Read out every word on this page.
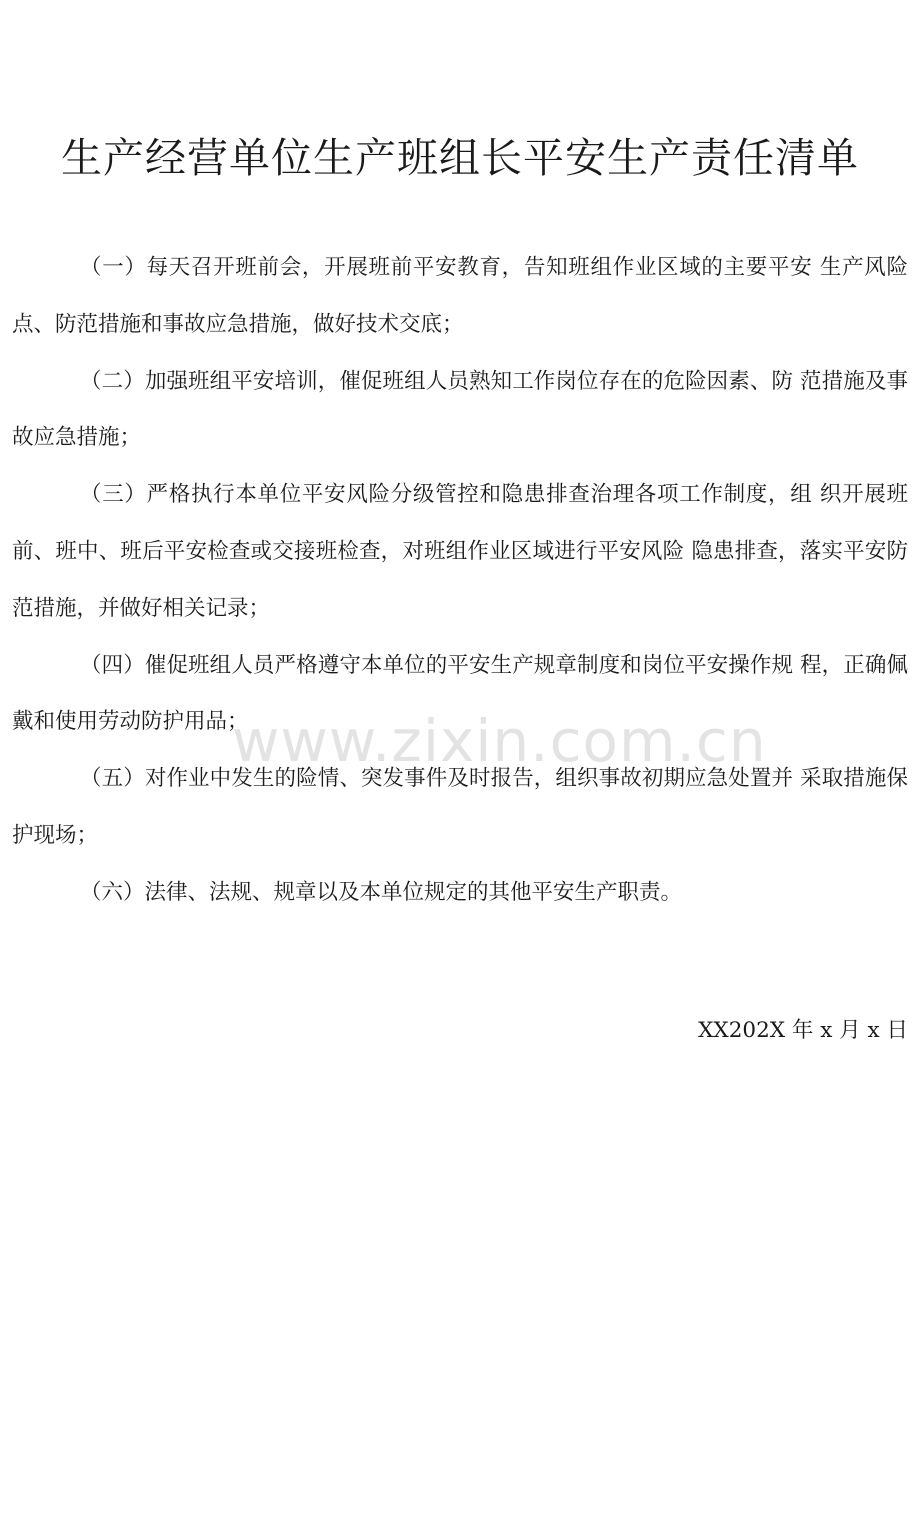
生产经营单位生产班组长平安生产责任清单

（一）每天召开班前会，开展班前平安教育，告知班组作业区域的主要平安 生产风险点、防范措施和事故应急措施，做好技术交底；

（二）加强班组平安培训，催促班组人员熟知工作岗位存在的危险因素、防 范措施及事故应急措施；

（三）严格执行本单位平安风险分级管控和隐患排查治理各项工作制度，组 织开展班前、班中、班后平安检查或交接班检查，对班组作业区域进行平安风险 隐患排查，落实平安防范措施，并做好相关记录；

（四）催促班组人员严格遵守本单位的平安生产规章制度和岗位平安操作规 程，正确佩戴和使用劳动防护用品；

（五）对作业中发生的险情、突发事件及时报告，组织事故初期应急处置并 采取措施保护现场；

（六）法律、法规、规章以及本单位规定的其他平安生产职责。

XX202X 年 x 月 x 日

www.zixin.com.cn
